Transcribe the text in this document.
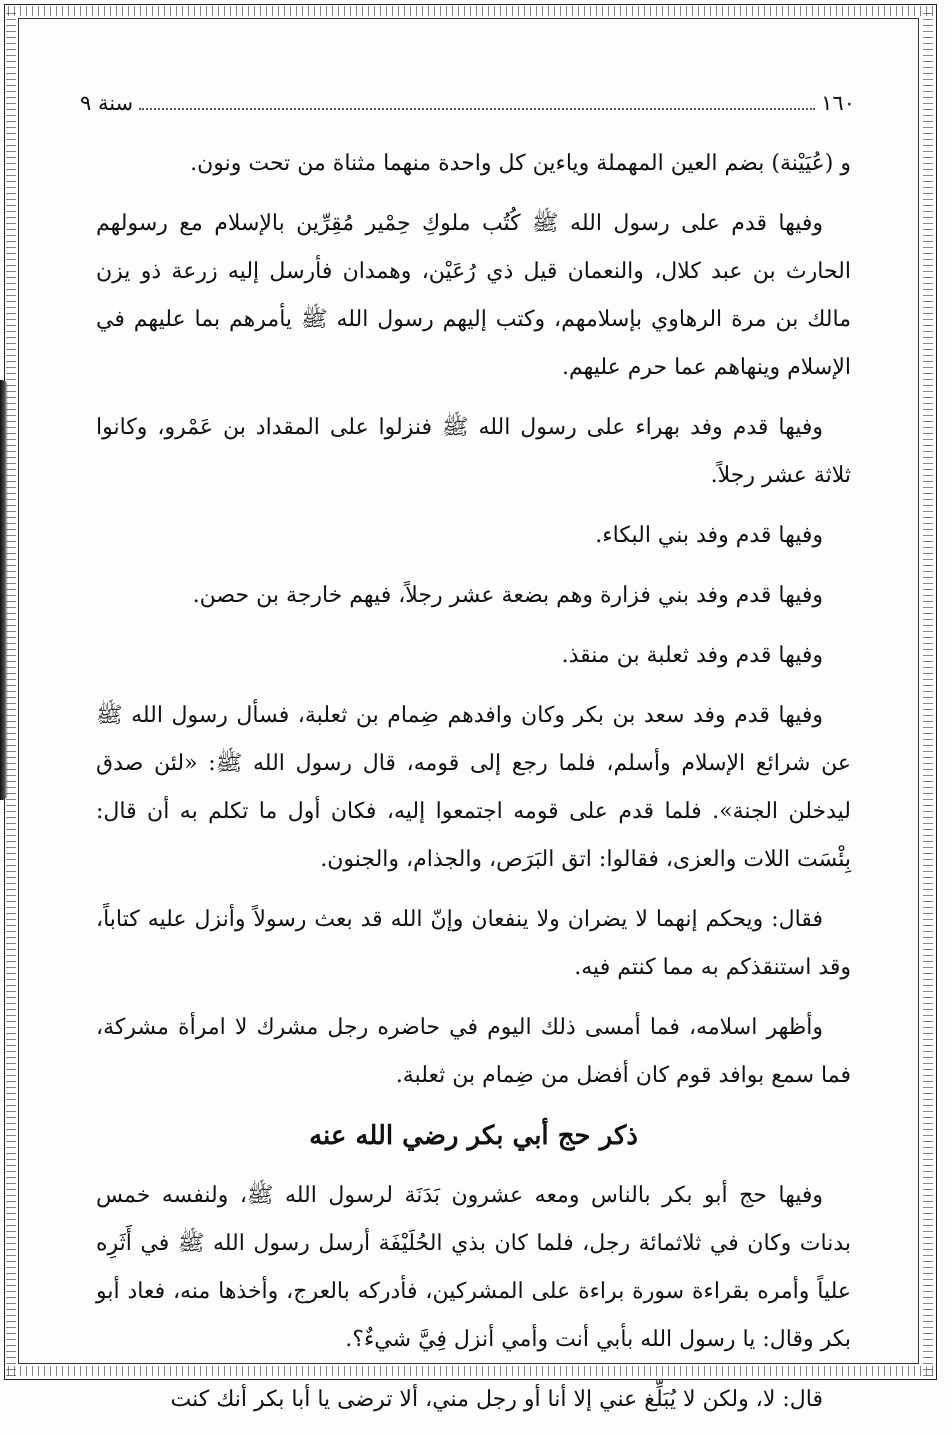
١٦٠
سنة ٩

و (عُيَيْنة) بضم العين المهملة وياءين كل واحدة منهما مثناة من تحت ونون.

وفيها قدم على رسول الله ﷺ كُتُب ملوكِ حِمْير مُقِرِّين بالإسلام مع رسولهم الحارث بن عبد كلال، والنعمان قيل ذي رُعَيْن، وهمدان فأرسل إليه زرعة ذو يزن مالك بن مرة الرهاوي بإسلامهم، وكتب إليهم رسول الله ﷺ يأمرهم بما عليهم في الإسلام وينهاهم عما حرم عليهم.

وفيها قدم وفد بهراء على رسول الله ﷺ فنزلوا على المقداد بن عَمْرو، وكانوا ثلاثة عشر رجلاً.

وفيها قدم وفد بني البكاء.

وفيها قدم وفد بني فزارة وهم بضعة عشر رجلاً، فيهم خارجة بن حصن.

وفيها قدم وفد ثعلبة بن منقذ.

وفيها قدم وفد سعد بن بكر وكان وافدهم ضِمام بن ثعلبة، فسأل رسول الله ﷺ عن شرائع الإسلام وأسلم، فلما رجع إلى قومه، قال رسول الله ﷺ: «لئن صدق ليدخلن الجنة». فلما قدم على قومه اجتمعوا إليه، فكان أول ما تكلم به أن قال: بِئْسَت اللات والعزى، فقالوا: اتق البَرَص، والجذام، والجنون.

فقال: ويحكم إنهما لا يضران ولا ينفعان وإنّ الله قد بعث رسولاً وأنزل عليه كتاباً، وقد استنقذكم به مما كنتم فيه.

وأظهر اسلامه، فما أمسى ذلك اليوم في حاضره رجل مشرك لا امرأة مشركة، فما سمع بوافد قوم كان أفضل من ضِمام بن ثعلبة.

ذكر حج أبي بكر رضي الله عنه

وفيها حج أبو بكر بالناس ومعه عشرون بَدَنَة لرسول الله ﷺ، ولنفسه خمس بدنات وكان في ثلاثمائة رجل، فلما كان بذي الحُلَيْفَة أرسل رسول الله ﷺ في أَثَرِه علياً وأمره بقراءة سورة براءة على المشركين، فأدركه بالعرج، وأخذها منه، فعاد أبو بكر وقال: يا رسول الله بأبي أنت وأمي أنزل فِيَّ شيءٌ؟.

قال: لا، ولكن لا يُبَلِّغ عني إلا أنا أو رجل مني، ألا ترضى يا أبا بكر أنك كنت
